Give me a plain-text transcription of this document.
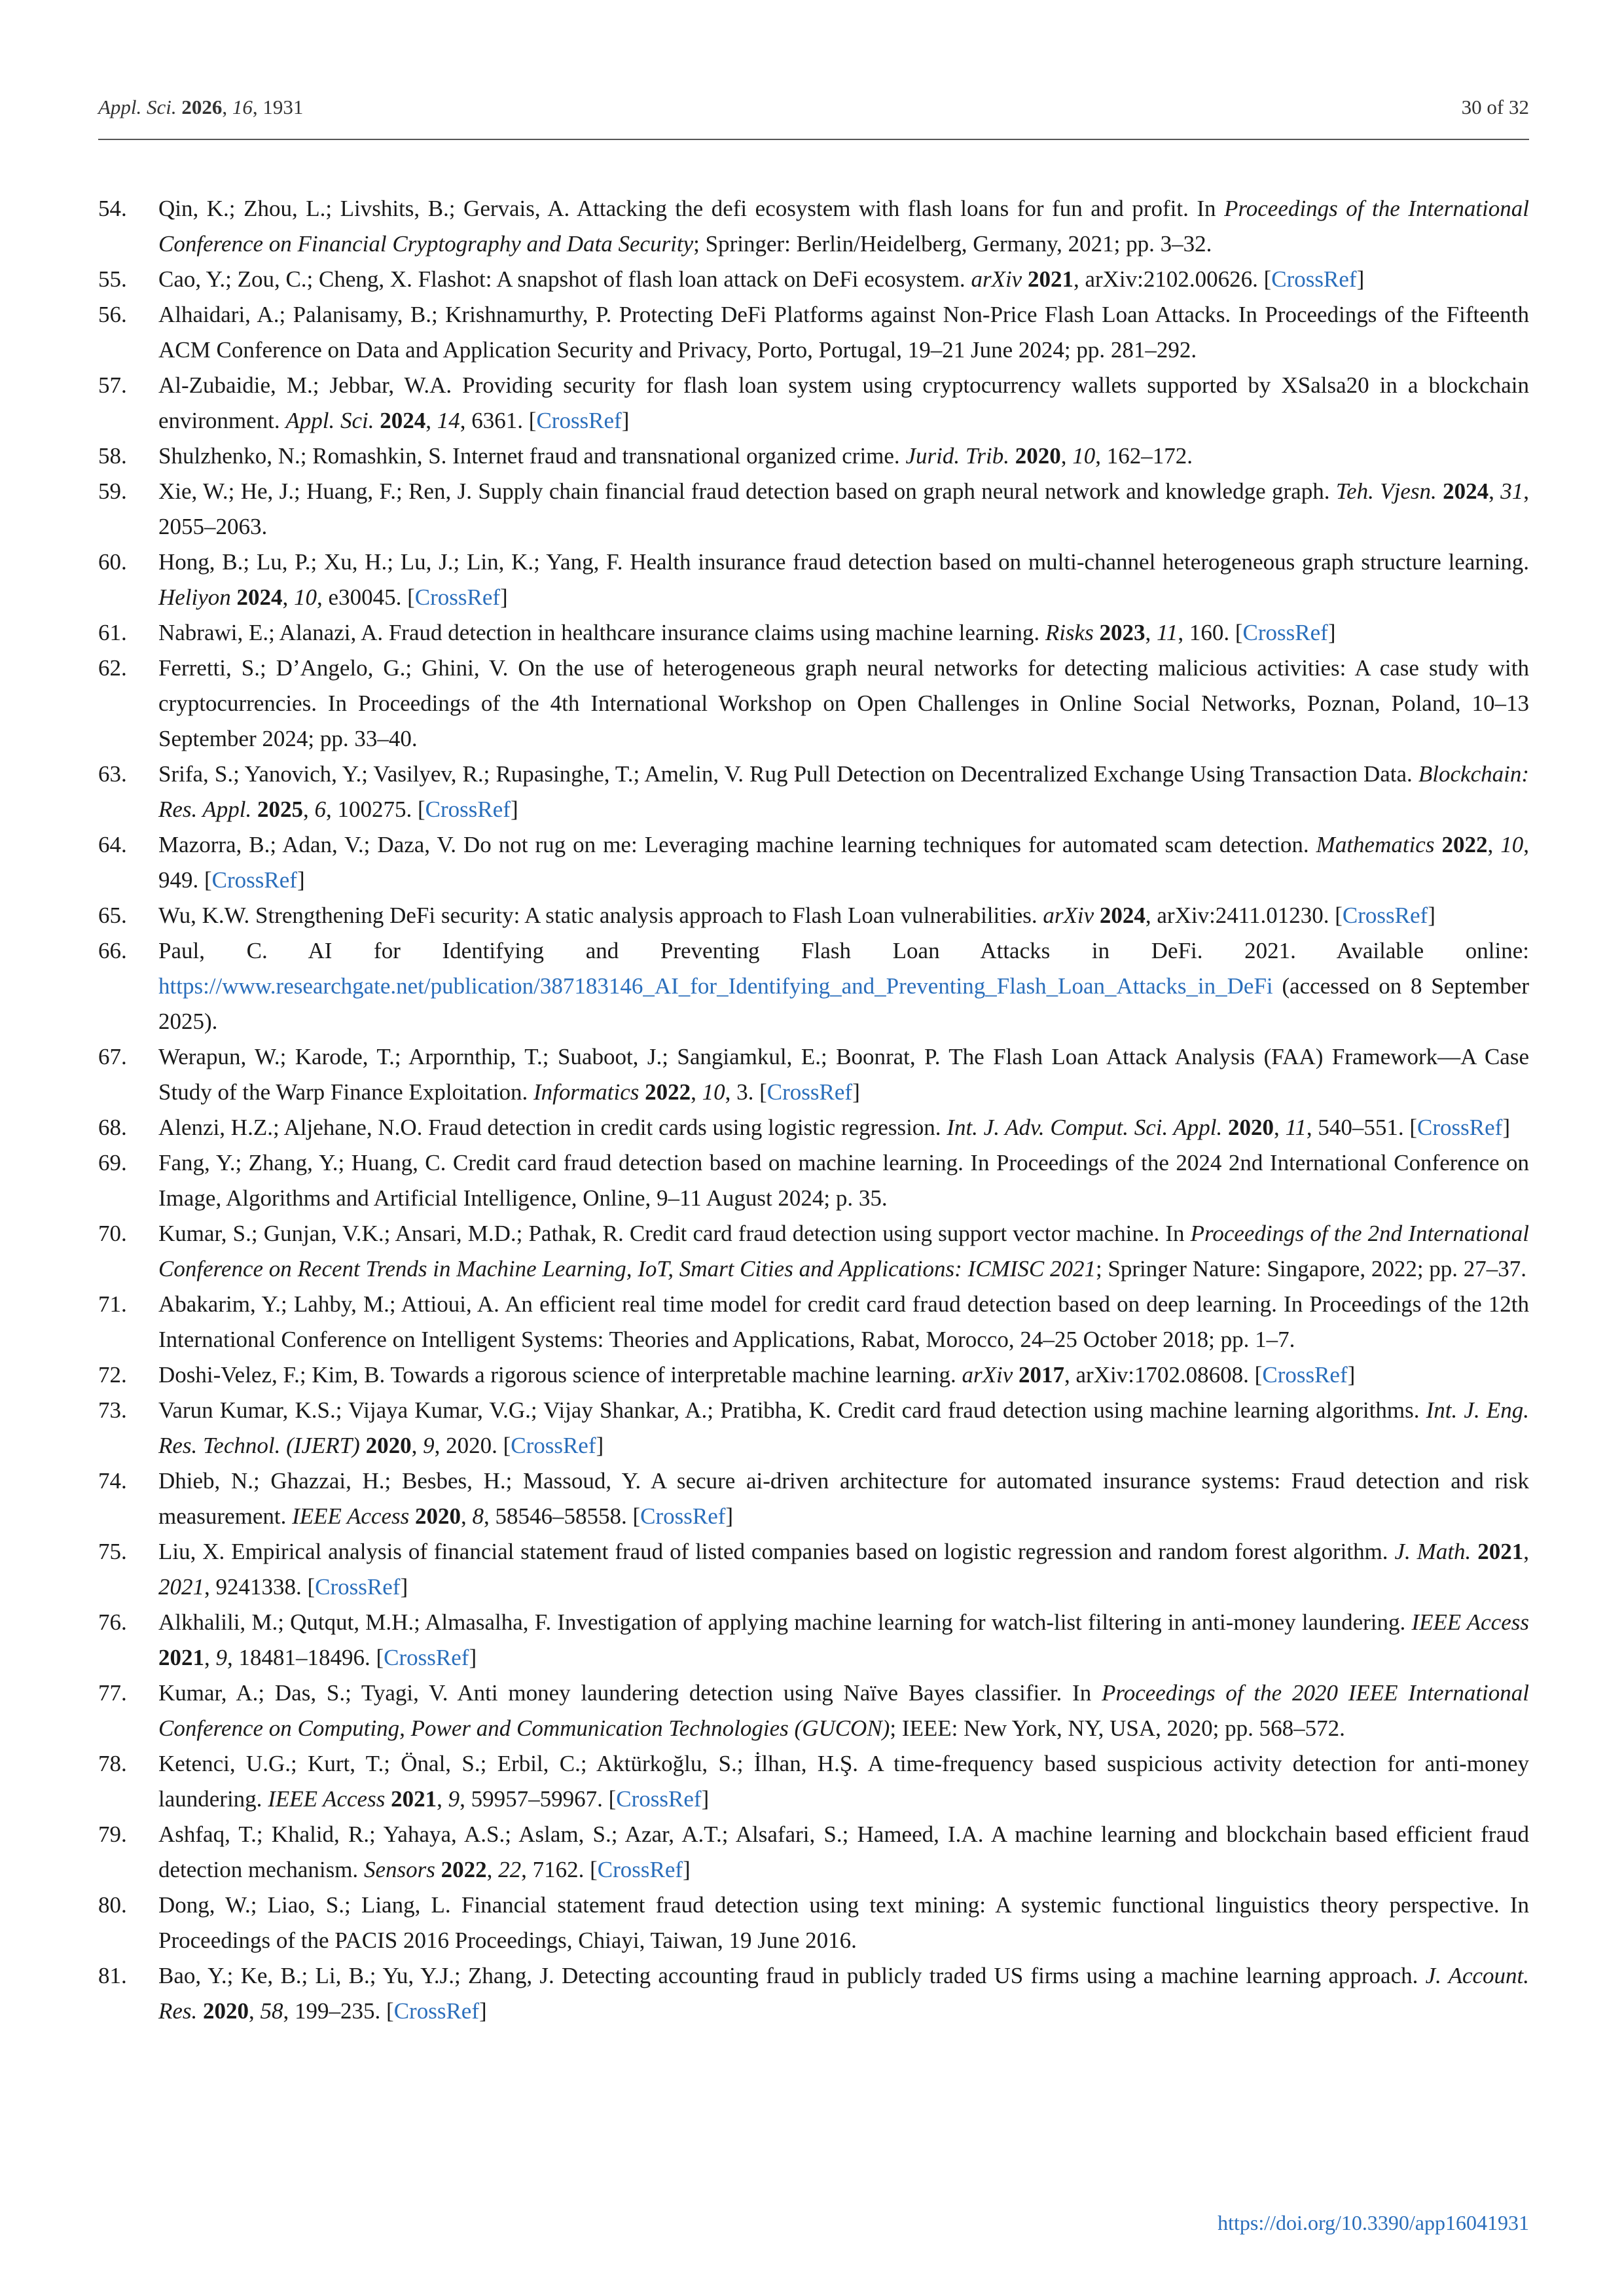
Appl. Sci. 2026, 16, 1931	30 of 32
54. Qin, K.; Zhou, L.; Livshits, B.; Gervais, A. Attacking the defi ecosystem with flash loans for fun and profit. In Proceedings of the International Conference on Financial Cryptography and Data Security; Springer: Berlin/Heidelberg, Germany, 2021; pp. 3–32.
55. Cao, Y.; Zou, C.; Cheng, X. Flashot: A snapshot of flash loan attack on DeFi ecosystem. arXiv 2021, arXiv:2102.00626. [CrossRef]
56. Alhaidari, A.; Palanisamy, B.; Krishnamurthy, P. Protecting DeFi Platforms against Non-Price Flash Loan Attacks. In Proceedings of the Fifteenth ACM Conference on Data and Application Security and Privacy, Porto, Portugal, 19–21 June 2024; pp. 281–292.
57. Al-Zubaidie, M.; Jebbar, W.A. Providing security for flash loan system using cryptocurrency wallets supported by XSalsa20 in a blockchain environment. Appl. Sci. 2024, 14, 6361. [CrossRef]
58. Shulzhenko, N.; Romashkin, S. Internet fraud and transnational organized crime. Jurid. Trib. 2020, 10, 162–172.
59. Xie, W.; He, J.; Huang, F.; Ren, J. Supply chain financial fraud detection based on graph neural network and knowledge graph. Teh. Vjesn. 2024, 31, 2055–2063.
60. Hong, B.; Lu, P.; Xu, H.; Lu, J.; Lin, K.; Yang, F. Health insurance fraud detection based on multi-channel heterogeneous graph structure learning. Heliyon 2024, 10, e30045. [CrossRef]
61. Nabrawi, E.; Alanazi, A. Fraud detection in healthcare insurance claims using machine learning. Risks 2023, 11, 160. [CrossRef]
62. Ferretti, S.; D’Angelo, G.; Ghini, V. On the use of heterogeneous graph neural networks for detecting malicious activities: A case study with cryptocurrencies. In Proceedings of the 4th International Workshop on Open Challenges in Online Social Networks, Poznan, Poland, 10–13 September 2024; pp. 33–40.
63. Srifa, S.; Yanovich, Y.; Vasilyev, R.; Rupasinghe, T.; Amelin, V. Rug Pull Detection on Decentralized Exchange Using Transaction Data. Blockchain: Res. Appl. 2025, 6, 100275. [CrossRef]
64. Mazorra, B.; Adan, V.; Daza, V. Do not rug on me: Leveraging machine learning techniques for automated scam detection. Mathematics 2022, 10, 949. [CrossRef]
65. Wu, K.W. Strengthening DeFi security: A static analysis approach to Flash Loan vulnerabilities. arXiv 2024, arXiv:2411.01230. [CrossRef]
66. Paul, C. AI for Identifying and Preventing Flash Loan Attacks in DeFi. 2021. Available online: https://www.researchgate.net/publication/387183146_AI_for_Identifying_and_Preventing_Flash_Loan_Attacks_in_DeFi (accessed on 8 September 2025).
67. Werapun, W.; Karode, T.; Arpornthip, T.; Suaboot, J.; Sangiamkul, E.; Boonrat, P. The Flash Loan Attack Analysis (FAA) Framework—A Case Study of the Warp Finance Exploitation. Informatics 2022, 10, 3. [CrossRef]
68. Alenzi, H.Z.; Aljehane, N.O. Fraud detection in credit cards using logistic regression. Int. J. Adv. Comput. Sci. Appl. 2020, 11, 540–551. [CrossRef]
69. Fang, Y.; Zhang, Y.; Huang, C. Credit card fraud detection based on machine learning. In Proceedings of the 2024 2nd International Conference on Image, Algorithms and Artificial Intelligence, Online, 9–11 August 2024; p. 35.
70. Kumar, S.; Gunjan, V.K.; Ansari, M.D.; Pathak, R. Credit card fraud detection using support vector machine. In Proceedings of the 2nd International Conference on Recent Trends in Machine Learning, IoT, Smart Cities and Applications: ICMISC 2021; Springer Nature: Singapore, 2022; pp. 27–37.
71. Abakarim, Y.; Lahby, M.; Attioui, A. An efficient real time model for credit card fraud detection based on deep learning. In Proceedings of the 12th International Conference on Intelligent Systems: Theories and Applications, Rabat, Morocco, 24–25 October 2018; pp. 1–7.
72. Doshi-Velez, F.; Kim, B. Towards a rigorous science of interpretable machine learning. arXiv 2017, arXiv:1702.08608. [CrossRef]
73. Varun Kumar, K.S.; Vijaya Kumar, V.G.; Vijay Shankar, A.; Pratibha, K. Credit card fraud detection using machine learning algorithms. Int. J. Eng. Res. Technol. (IJERT) 2020, 9, 2020. [CrossRef]
74. Dhieb, N.; Ghazzai, H.; Besbes, H.; Massoud, Y. A secure ai-driven architecture for automated insurance systems: Fraud detection and risk measurement. IEEE Access 2020, 8, 58546–58558. [CrossRef]
75. Liu, X. Empirical analysis of financial statement fraud of listed companies based on logistic regression and random forest algorithm. J. Math. 2021, 2021, 9241338. [CrossRef]
76. Alkhalili, M.; Qutqut, M.H.; Almasalha, F. Investigation of applying machine learning for watch-list filtering in anti-money laundering. IEEE Access 2021, 9, 18481–18496. [CrossRef]
77. Kumar, A.; Das, S.; Tyagi, V. Anti money laundering detection using Naïve Bayes classifier. In Proceedings of the 2020 IEEE International Conference on Computing, Power and Communication Technologies (GUCON); IEEE: New York, NY, USA, 2020; pp. 568–572.
78. Ketenci, U.G.; Kurt, T.; Önal, S.; Erbil, C.; Aktürkoğlu, S.; İlhan, H.Ş. A time-frequency based suspicious activity detection for anti-money laundering. IEEE Access 2021, 9, 59957–59967. [CrossRef]
79. Ashfaq, T.; Khalid, R.; Yahaya, A.S.; Aslam, S.; Azar, A.T.; Alsafari, S.; Hameed, I.A. A machine learning and blockchain based efficient fraud detection mechanism. Sensors 2022, 22, 7162. [CrossRef]
80. Dong, W.; Liao, S.; Liang, L. Financial statement fraud detection using text mining: A systemic functional linguistics theory perspective. In Proceedings of the PACIS 2016 Proceedings, Chiayi, Taiwan, 19 June 2016.
81. Bao, Y.; Ke, B.; Li, B.; Yu, Y.J.; Zhang, J. Detecting accounting fraud in publicly traded US firms using a machine learning approach. J. Account. Res. 2020, 58, 199–235. [CrossRef]
https://doi.org/10.3390/app16041931
